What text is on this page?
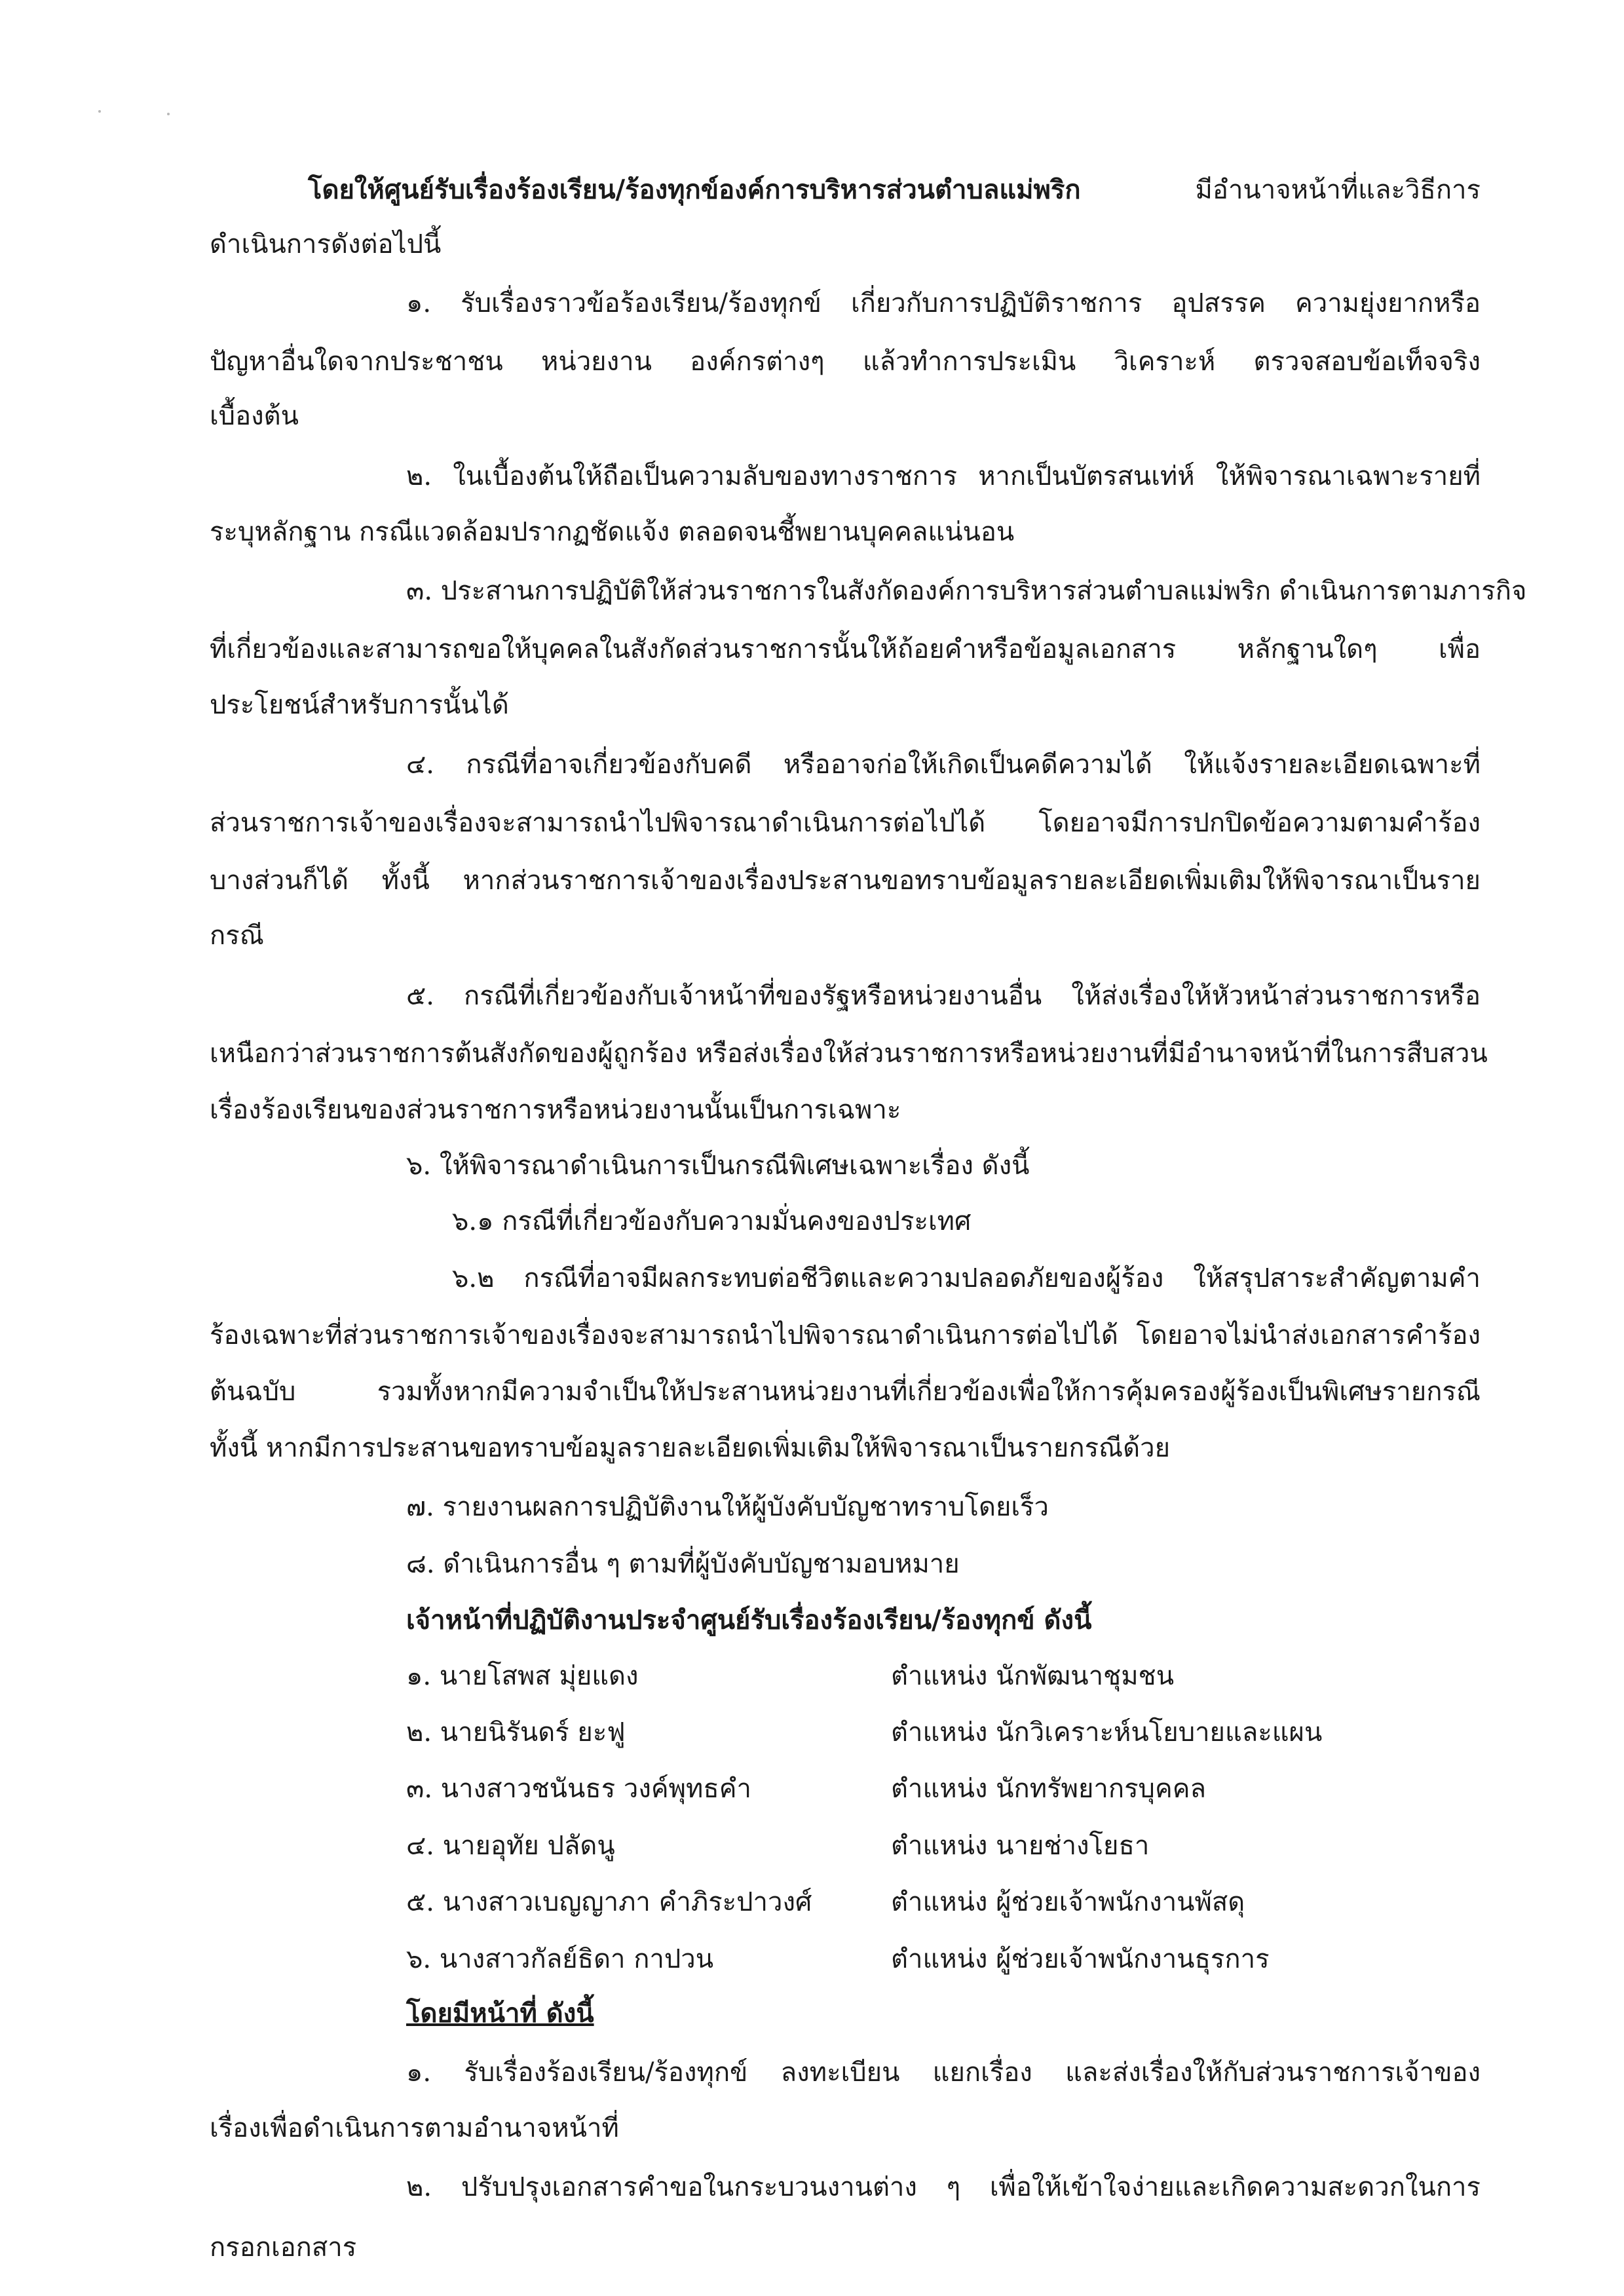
โดยให้ศูนย์รับเรื่องร้องเรียน/ร้องทุกข์องค์การบริหารส่วนตำบลแม่พริก	มีอำนาจหน้าที่และวิธีการ
ดำเนินการดังต่อไปนี้
๑. รับเรื่องราวข้อร้องเรียน/ร้องทุกข์ เกี่ยวกับการปฏิบัติราชการ อุปสรรค ความยุ่งยากหรือ
ปัญหาอื่นใดจากประชาชน หน่วยงาน องค์กรต่างๆ แล้วทำการประเมิน วิเคราะห์ ตรวจสอบข้อเท็จจริง
เบื้องต้น
๒. ในเบื้องต้นให้ถือเป็นความลับของทางราชการ หากเป็นบัตรสนเท่ห์ ให้พิจารณาเฉพาะรายที่
ระบุหลักฐาน กรณีแวดล้อมปรากฏชัดแจ้ง ตลอดจนชี้พยานบุคคลแน่นอน
๓. ประสานการปฏิบัติให้ส่วนราชการในสังกัดองค์การบริหารส่วนตำบลแม่พริก ดำเนินการตามภารกิจ
ที่เกี่ยวข้องและสามารถขอให้บุคคลในสังกัดส่วนราชการนั้นให้ถ้อยคำหรือข้อมูลเอกสาร หลักฐานใดๆ เพื่อ
ประโยชน์สำหรับการนั้นได้
๔. กรณีที่อาจเกี่ยวข้องกับคดี หรืออาจก่อให้เกิดเป็นคดีความได้ ให้แจ้งรายละเอียดเฉพาะที่
ส่วนราชการเจ้าของเรื่องจะสามารถนำไปพิจารณาดำเนินการต่อไปได้ โดยอาจมีการปกปิดข้อความตามคำร้อง
บางส่วนก็ได้ ทั้งนี้ หากส่วนราชการเจ้าของเรื่องประสานขอทราบข้อมูลรายละเอียดเพิ่มเติมให้พิจารณาเป็นราย
กรณี
๕. กรณีที่เกี่ยวข้องกับเจ้าหน้าที่ของรัฐหรือหน่วยงานอื่น ให้ส่งเรื่องให้หัวหน้าส่วนราชการหรือ
เหนือกว่าส่วนราชการต้นสังกัดของผู้ถูกร้อง หรือส่งเรื่องให้ส่วนราชการหรือหน่วยงานที่มีอำนาจหน้าที่ในการสืบสวน
เรื่องร้องเรียนของส่วนราชการหรือหน่วยงานนั้นเป็นการเฉพาะ
๖. ให้พิจารณาดำเนินการเป็นกรณีพิเศษเฉพาะเรื่อง ดังนี้
๖.๑ กรณีที่เกี่ยวข้องกับความมั่นคงของประเทศ
๖.๒ กรณีที่อาจมีผลกระทบต่อชีวิตและความปลอดภัยของผู้ร้อง ให้สรุปสาระสำคัญตามคำ
ร้องเฉพาะที่ส่วนราชการเจ้าของเรื่องจะสามารถนำไปพิจารณาดำเนินการต่อไปได้ โดยอาจไม่นำส่งเอกสารคำร้อง
ต้นฉบับ รวมทั้งหากมีความจำเป็นให้ประสานหน่วยงานที่เกี่ยวข้องเพื่อให้การคุ้มครองผู้ร้องเป็นพิเศษรายกรณี
ทั้งนี้ หากมีการประสานขอทราบข้อมูลรายละเอียดเพิ่มเติมให้พิจารณาเป็นรายกรณีด้วย
๗. รายงานผลการปฏิบัติงานให้ผู้บังคับบัญชาทราบโดยเร็ว
๘. ดำเนินการอื่น ๆ ตามที่ผู้บังคับบัญชามอบหมาย
เจ้าหน้าที่ปฏิบัติงานประจำศูนย์รับเรื่องร้องเรียน/ร้องทุกข์ ดังนี้
๑. นายโสพส มุ่ยแดง	ตำแหน่ง นักพัฒนาชุมชน
๒. นายนิรันดร์ ยะฟู	ตำแหน่ง นักวิเคราะห์นโยบายและแผน
๓. นางสาวชนันธร วงค์พุทธคำ	ตำแหน่ง นักทรัพยากรบุคคล
๔. นายอุทัย ปลัดนู	ตำแหน่ง นายช่างโยธา
๕. นางสาวเบญญาภา คำภิระปาวงศ์	ตำแหน่ง ผู้ช่วยเจ้าพนักงานพัสดุ
๖. นางสาวกัลย์ธิดา กาปวน	ตำแหน่ง ผู้ช่วยเจ้าพนักงานธุรการ
โดยมีหน้าที่ ดังนี้
๑. รับเรื่องร้องเรียน/ร้องทุกข์ ลงทะเบียน แยกเรื่อง และส่งเรื่องให้กับส่วนราชการเจ้าของ
เรื่องเพื่อดำเนินการตามอำนาจหน้าที่
๒. ปรับปรุงเอกสารคำขอในกระบวนงานต่าง ๆ เพื่อให้เข้าใจง่ายและเกิดความสะดวกในการ
กรอกเอกสาร
